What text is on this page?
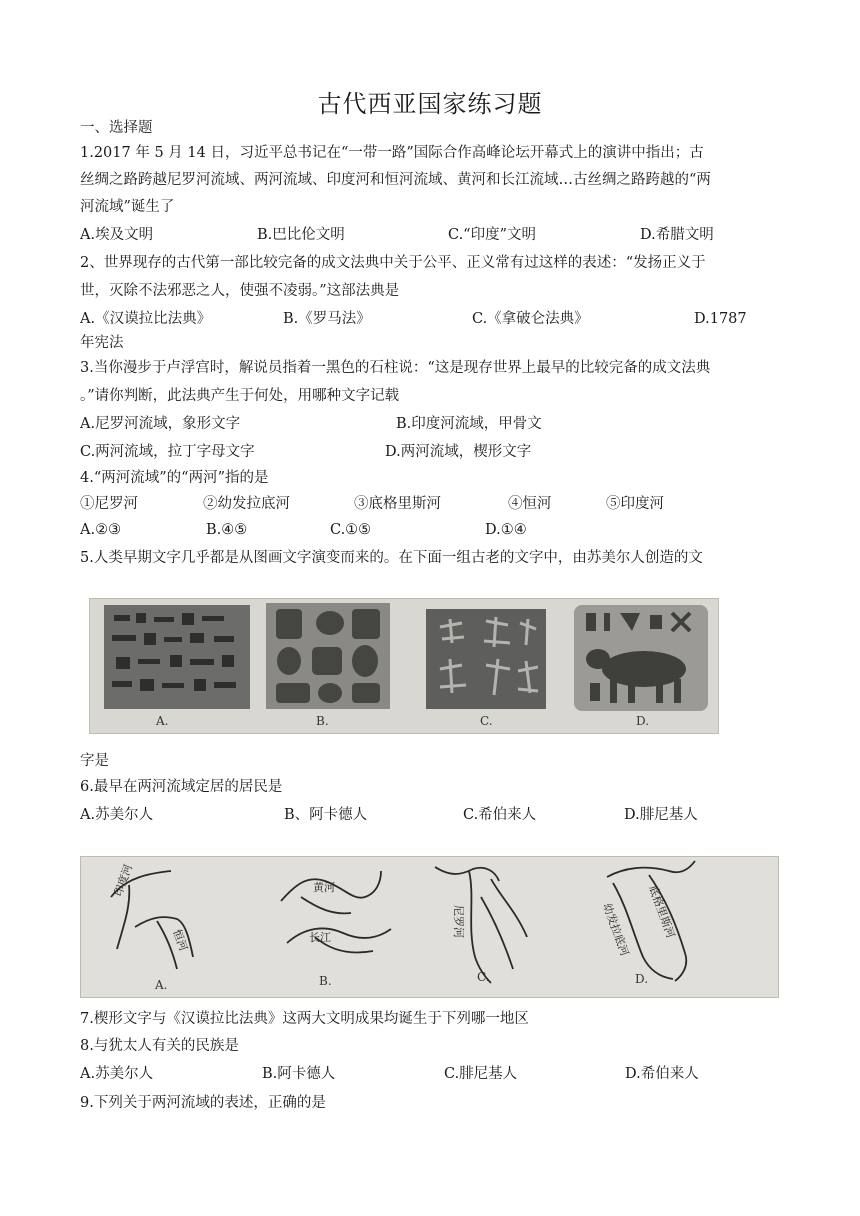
古代西亚国家练习题
一、选择题
1.2017 年 5 月 14 日，习近平总书记在“一带一路”国际合作高峰论坛开幕式上的演讲中指出；古
丝绸之路跨越尼罗河流域、两河流域、印度河和恒河流域、黄河和长江流域…古丝绸之路跨越的“两
河流域”诞生了
A.埃及文明	B.巴比伦文明	C.“印度”文明	D.希腊文明
2、世界现存的古代第一部比较完备的成文法典中关于公平、正义常有过这样的表述：“发扬正义于
世，灭除不法邪恶之人，使强不凌弱。”这部法典是
A.《汉谟拉比法典》	B.《罗马法》	C.《拿破仑法典》	D.1787
年宪法
3.当你漫步于卢浮宫时，解说员指着一黑色的石柱说：“这是现存世界上最早的比较完备的成文法典
。”请你判断，此法典产生于何处，用哪种文字记载
A.尼罗河流域，象形文字	B.印度河流域，甲骨文
C.两河流域，拉丁字母文字	D.两河流域，楔形文字
4.“两河流域”的“两河”指的是
①尼罗河	②幼发拉底河	③底格里斯河	④恒河	⑤印度河
A.②③	B.④⑤	C.①⑤	D.①④
5.人类早期文字几乎都是从图画文字演变而来的。在下面一组古老的文字中，由苏美尔人创造的文
A.	B.	C.	D.
字是
6.最早在两河流域定居的居民是
A.苏美尔人	B、阿卡德人	C.希伯来人	D.腓尼基人
印度河
恒河
A.
黄河
长江
B.
尼罗河
C.
底格里斯河
幼发拉底河
D.
7.楔形文字与《汉谟拉比法典》这两大文明成果均诞生于下列哪一地区
8.与犹太人有关的民族是
A.苏美尔人	B.阿卡德人	C.腓尼基人	D.希伯来人
9.下列关于两河流域的表述，正确的是
